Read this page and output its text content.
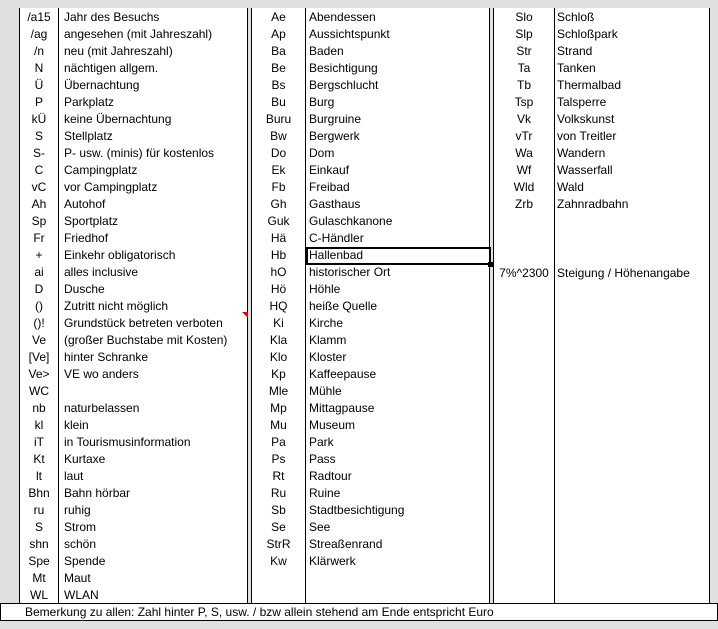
/a15	Jahr des Besuchs
/ag	angesehen (mit Jahreszahl)
/n	neu (mit Jahreszahl)
N	nächtigen allgem.
Ü	Übernachtung
P	Parkplatz
kÜ	keine Übernachtung
S	Stellplatz
S-	P- usw. (minis) für kostenlos
C	Campingplatz
vC	vor Campingplatz
Ah	Autohof
Sp	Sportplatz
Fr	Friedhof
+	Einkehr obligatorisch
ai	alles inclusive
D	Dusche
()	Zutritt nicht möglich
()!	Grundstück betreten verboten
Ve	(großer Buchstabe mit Kosten)
[Ve]	hinter Schranke
Ve>	VE wo anders
WC
nb	naturbelassen
kl	klein
iT	in Tourismusinformation
Kt	Kurtaxe
lt	laut
Bhn	Bahn hörbar
ru	ruhig
S	Strom
shn	schön
Spe	Spende
Mt	Maut
WL	WLAN
Ae	Abendessen
Ap	Aussichtspunkt
Ba	Baden
Be	Besichtigung
Bs	Bergschlucht
Bu	Burg
Buru	Burgruine
Bw	Bergwerk
Do	Dom
Ek	Einkauf
Fb	Freibad
Gh	Gasthaus
Guk	Gulaschkanone
Hä	C-Händler
Hb	Hallenbad
hO	historischer Ort
Hö	Höhle
HQ	heiße Quelle
Ki	Kirche
Kla	Klamm
Klo	Kloster
Kp	Kaffeepause
Mle	Mühle
Mp	Mittagpause
Mu	Museum
Pa	Park
Ps	Pass
Rt	Radtour
Ru	Ruine
Sb	Stadtbesichtigung
Se	See
StrR	Streaßenrand
Kw	Klärwerk
Slo	Schloß
Slp	Schloßpark
Str	Strand
Ta	Tanken
Tb	Thermalbad
Tsp	Talsperre
Vk	Volkskunst
vTr	von Treitler
Wa	Wandern
Wf	Wasserfall
Wld	Wald
Zrb	Zahnradbahn
7%^2300 Steigung / Höhenangabe
Bemerkung zu allen: Zahl hinter P, S, usw. / bzw allein stehend am Ende entspricht Euro
